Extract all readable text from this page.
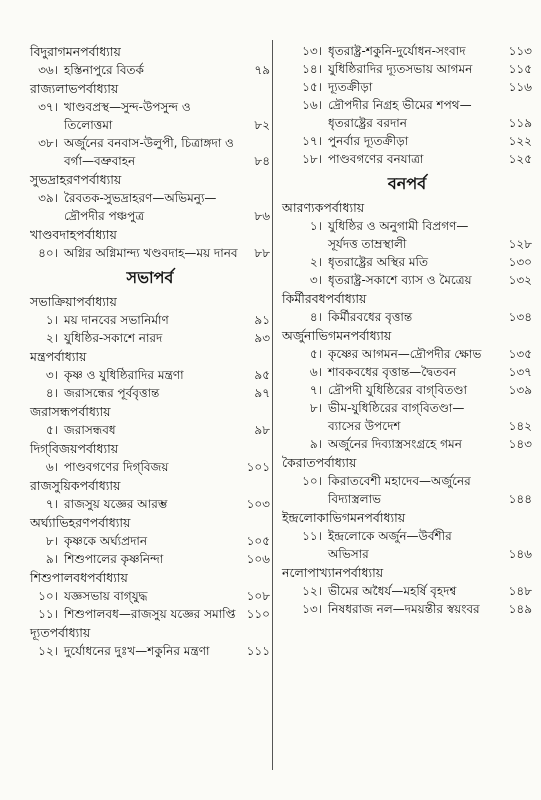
বিদুরাগমনপর্বাধ্যায়
৩৬। হস্তিনাপুরে বিতর্ক	৭৯
রাজ্যলাভপর্বাধ্যায়
৩৭। খাণ্ডবপ্রস্থ—সুন্দ-উপসুন্দ ও তিলোত্তমা	৮২
৩৮। অর্জুনের বনবাস-উলুপী, চিত্রাঙ্গদা ও বর্গা—বভ্রুবাহন	৮৪
সুভদ্রাহরণপর্বাধ্যায়
৩৯। রৈবতক-সুভদ্রাহরণ—অভিমন্যু—দ্রৌপদীর পঞ্চপুত্র	৮৬
খাণ্ডবদাহপর্বাধ্যায়
৪০। অগ্নির অগ্নিমান্দ্য খণ্ডবদাহ—ময় দানব	৮৮
সভাপর্ব
সভাক্রিয়াপর্বাধ্যায়
১। ময় দানবের সভানির্মাণ	৯১
২। যুধিষ্ঠির-সকাশে নারদ	৯৩
মন্ত্রপর্বাধ্যায়
৩। কৃষ্ণ ও যুধিষ্ঠিরাদির মন্ত্রণা	৯৫
৪। জরাসন্ধের পূর্ববৃত্তান্ত	৯৭
জরাসন্ধপর্বাধ্যায়
৫। জরাসন্ধবধ	৯৮
দিগ্‌বিজয়পর্বাধ্যায়
৬। পাণ্ডবগণের দিগ্‌বিজয়	১০১
রাজসুয়িকপর্বাধ্যায়
৭। রাজসুয় যজ্ঞের আরম্ভ	১০৩
অর্ঘ্যাভিহরণপর্বাধ্যায়
৮। কৃষ্ণকে অর্ঘ্যপ্রদান	১০৫
৯। শিশুপালের কৃষ্ণনিন্দা	১০৬
শিশুপালবধপর্বাধ্যায়
১০। যজ্ঞসভায় বাগ্‌যুদ্ধ	১০৮
১১। শিশুপালবধ—রাজসুয় যজ্ঞের সমাপ্তি ১১০
দ্যূতপর্বাধ্যায়
১২। দুর্যোধনের দুঃখ—শকুনির মন্ত্রণা	১১১
১৩। ধৃতরাষ্ট্র-শকুনি-দুর্যোধন-সংবাদ	১১৩
১৪। যুধিষ্ঠিরাদির দ্যূতসভায় আগমন	১১৫
১৫। দ্যূতক্রীড়া	১১৬
১৬। দ্রৌপদীর নিগ্রহ ভীমের শপথ—ধৃতরাষ্ট্রের বরদান	১১৯
১৭। পুনর্বার দ্যূতক্রীড়া	১২২
১৮। পাণ্ডবগণের বনযাত্রা	১২৫
বনপর্ব
আরণ্যকপর্বাধ্যায়
১। যুধিষ্ঠির ও অনুগামী বিপ্রগণ—সূর্যদত্ত তাম্রস্থালী	১২৮
২। ধৃতরাষ্ট্রের অস্থির মতি	১৩০
৩। ধৃতরাষ্ট্র-সকাশে ব্যাস ও মৈত্রেয়	১৩২
কির্মীরবধপর্বাধ্যায়
৪। কির্মীরবধের বৃত্তান্ত	১৩৪
অর্জুনাভিগমনপর্বাধ্যায়
৫। কৃষ্ণের আগমন—দ্রৌপদীর ক্ষোভ	১৩৫
৬। শাবকবধের বৃত্তান্ত—দ্বৈতবন	১৩৭
৭। দ্রৌপদী যুধিষ্ঠিরের বাগ্‌বিতণ্ডা	১৩৯
৮। ভীম-যুধিষ্ঠিরের বাগ্‌বিতণ্ডা—ব্যাসের উপদেশ	১৪২
৯। অর্জুনের দিব্যাস্ত্রসংগ্রহে গমন	১৪৩
কৈরাতপর্বাধ্যায়
১০। কিরাতবেশী মহাদেব—অর্জুনের বিদ্যাস্ত্রলাভ	১৪৪
ইন্দ্রলোকাভিগমনপর্বাধ্যায়
১১। ইন্দ্রলোকে অর্জুন—উর্বশীর অভিসার	১৪৬
নলোপাখ্যানপর্বাধ্যায়
১২। ভীমের অধৈর্য—মহর্ষি বৃহদশ্ব	১৪৮
১৩। নিষধরাজ নল—দময়ন্তীর স্বয়ংবর	১৪৯
